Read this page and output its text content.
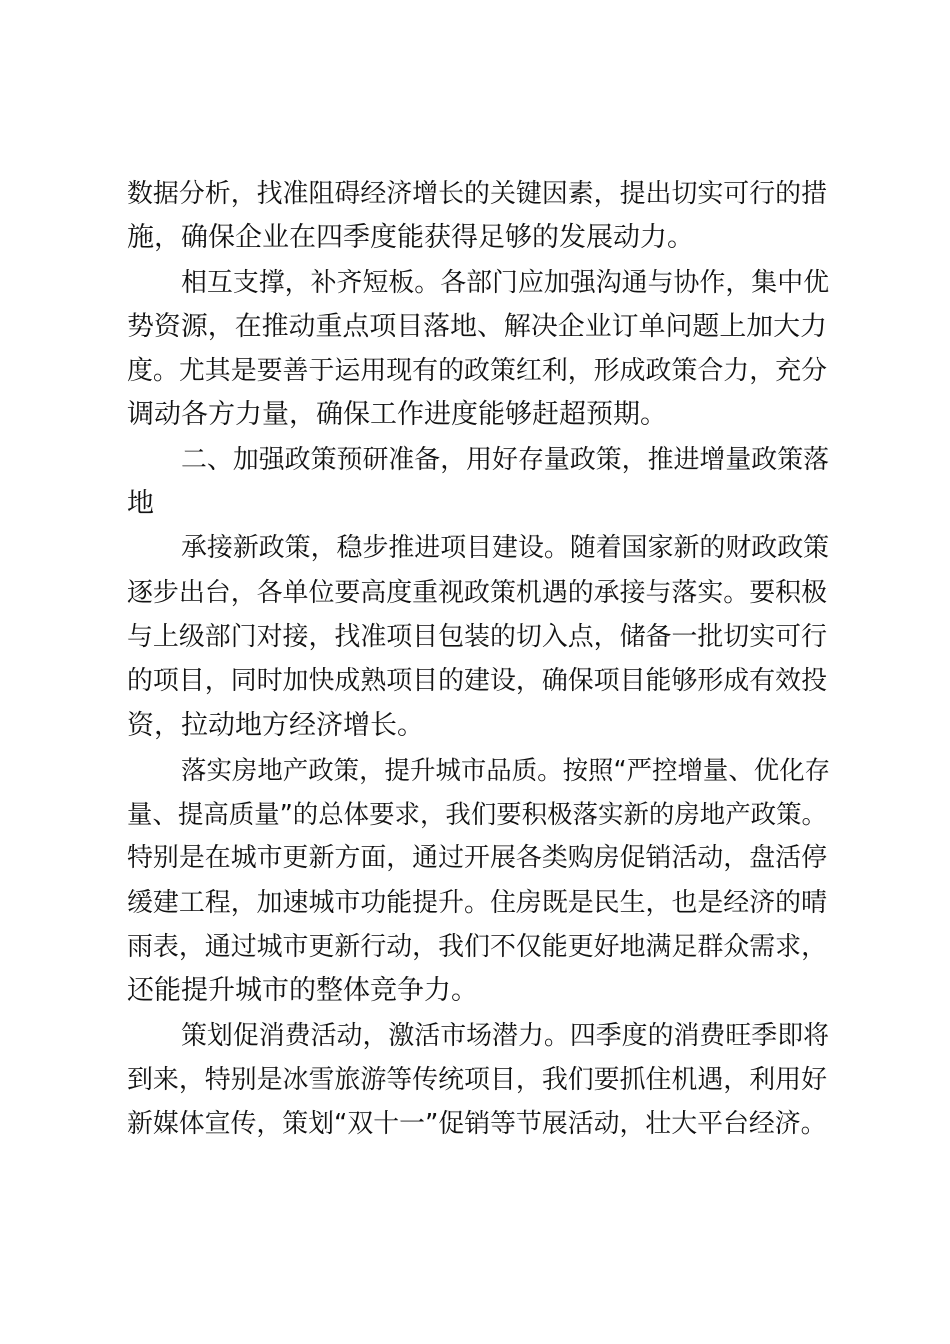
数据分析，找准阻碍经济增长的关键因素，提出切实可行的措
施，确保企业在四季度能获得足够的发展动力。
相互支撑，补齐短板。各部门应加强沟通与协作，集中优
势资源，在推动重点项目落地、解决企业订单问题上加大力
度。尤其是要善于运用现有的政策红利，形成政策合力，充分
调动各方力量，确保工作进度能够赶超预期。
二、加强政策预研准备，用好存量政策，推进增量政策落
地
承接新政策，稳步推进项目建设。随着国家新的财政政策
逐步出台，各单位要高度重视政策机遇的承接与落实。要积极
与上级部门对接，找准项目包装的切入点，储备一批切实可行
的项目，同时加快成熟项目的建设，确保项目能够形成有效投
资，拉动地方经济增长。
落实房地产政策，提升城市品质。按照“严控增量、优化存
量、提高质量”的总体要求，我们要积极落实新的房地产政策。
特别是在城市更新方面，通过开展各类购房促销活动，盘活停
缓建工程，加速城市功能提升。住房既是民生，也是经济的晴
雨表，通过城市更新行动，我们不仅能更好地满足群众需求，
还能提升城市的整体竞争力。
策划促消费活动，激活市场潜力。四季度的消费旺季即将
到来，特别是冰雪旅游等传统项目，我们要抓住机遇，利用好
新媒体宣传，策划“双十一”促销等节展活动，壮大平台经济。
